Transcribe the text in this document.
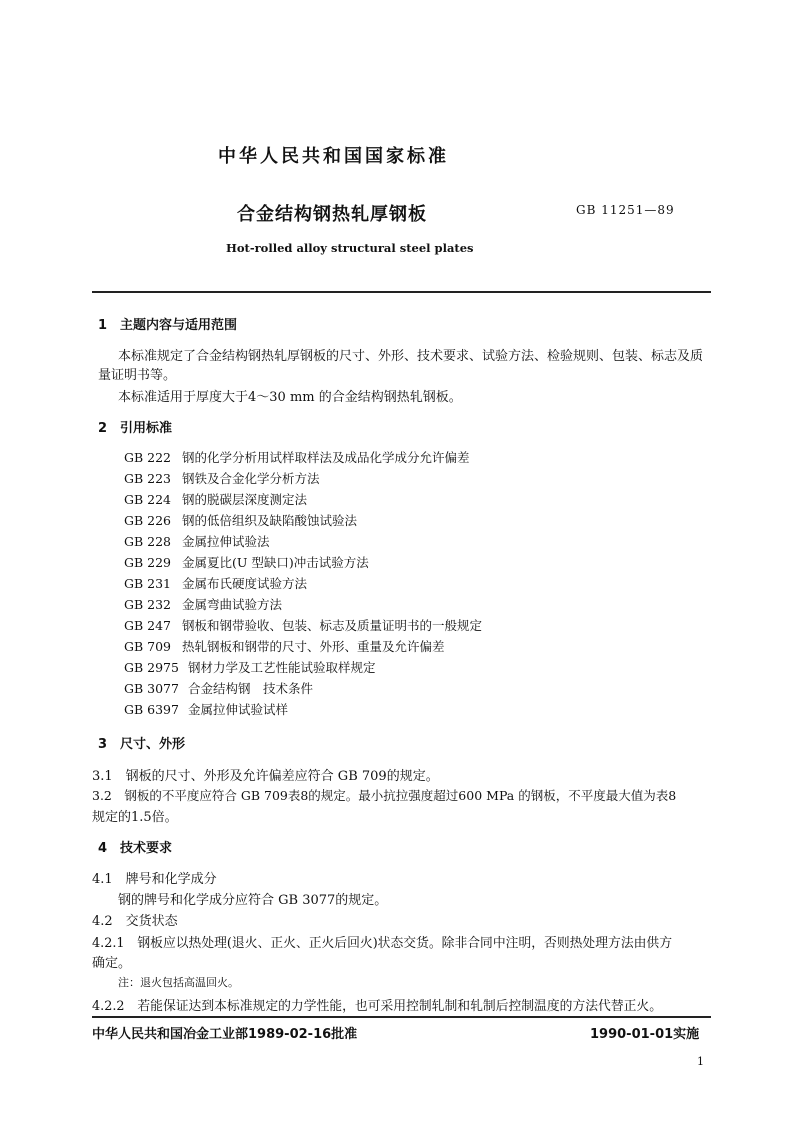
中华人民共和国国家标准
合金结构钢热轧厚钢板	GB 11251—89
Hot-rolled alloy structural steel plates
1　主题内容与适用范围
本标准规定了合金结构钢热轧厚钢板的尺寸、外形、技术要求、试验方法、检验规则、包装、标志及质
量证明书等。
本标准适用于厚度大于4～30 mm 的合金结构钢热轧钢板。
2　引用标准
GB 222 钢的化学分析用试样取样法及成品化学成分允许偏差
GB 223 钢铁及合金化学分析方法
GB 224 钢的脱碳层深度测定法
GB 226 钢的低倍组织及缺陷酸蚀试验法
GB 228 金属拉伸试验法
GB 229 金属夏比(U 型缺口)冲击试验方法
GB 231 金属布氏硬度试验方法
GB 232 金属弯曲试验方法
GB 247 钢板和钢带验收、包装、标志及质量证明书的一般规定
GB 709 热轧钢板和钢带的尺寸、外形、重量及允许偏差
GB 2975 钢材力学及工艺性能试验取样规定
GB 3077 合金结构钢　技术条件
GB 6397 金属拉伸试验试样
3　尺寸、外形
3.1　钢板的尺寸、外形及允许偏差应符合 GB 709的规定。
3.2　钢板的不平度应符合 GB 709表8的规定。最小抗拉强度超过600 MPa 的钢板，不平度最大值为表8
规定的1.5倍。
4　技术要求
4.1　牌号和化学成分
钢的牌号和化学成分应符合 GB 3077的规定。
4.2　交货状态
4.2.1　钢板应以热处理(退火、正火、正火后回火)状态交货。除非合同中注明，否则热处理方法由供方
确定。
注：退火包括高温回火。
4.2.2　若能保证达到本标准规定的力学性能，也可采用控制轧制和轧制后控制温度的方法代替正火。
中华人民共和国冶金工业部1989-02-16批准	1990-01-01实施
1
